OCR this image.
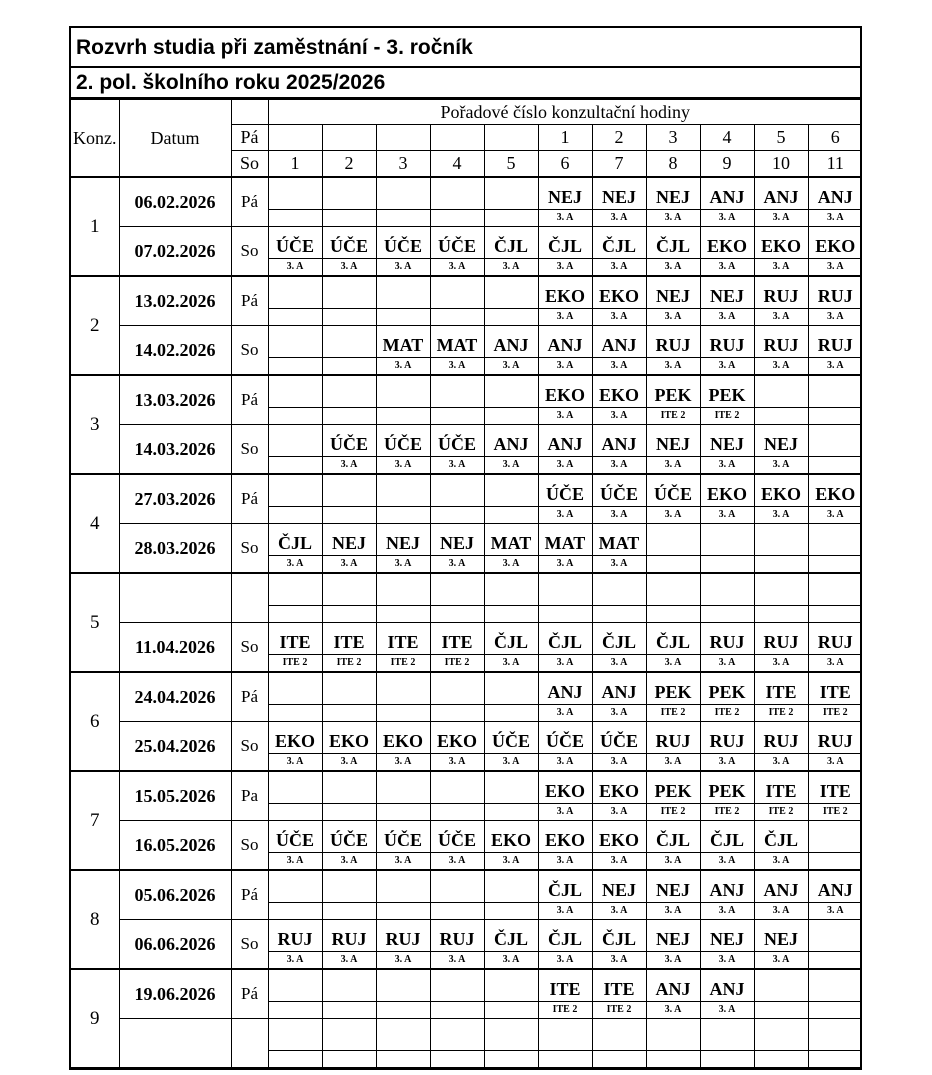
Rozvrh studia při zaměstnání - 3. ročník
2. pol. školního roku 2025/2026
Konz.	Datum		Pořadové číslo konzultační hodiny										
		Pá						1	2	3	4	5	6
		So	1	2	3	4	5	6	7	8	9	10	11
1	06.02.2026	Pá						NEJ	NEJ	NEJ	ANJ	ANJ	ANJ
								3. A	3. A	3. A	3. A	3. A	3. A
	07.02.2026	So	ÚČE	ÚČE	ÚČE	ÚČE	ČJL	ČJL	ČJL	ČJL	EKO	EKO	EKO
			3. A	3. A	3. A	3. A	3. A	3. A	3. A	3. A	3. A	3. A	3. A
2	13.02.2026	Pá						EKO	EKO	NEJ	NEJ	RUJ	RUJ
								3. A	3. A	3. A	3. A	3. A	3. A
	14.02.2026	So			MAT	MAT	ANJ	ANJ	ANJ	RUJ	RUJ	RUJ	RUJ
					3. A	3. A	3. A	3. A	3. A	3. A	3. A	3. A	3. A
3	13.03.2026	Pá						EKO	EKO	PEK	PEK		
								3. A	3. A	ITE 2	ITE 2		
	14.03.2026	So		ÚČE	ÚČE	ÚČE	ANJ	ANJ	ANJ	NEJ	NEJ	NEJ	
				3. A	3. A	3. A	3. A	3. A	3. A	3. A	3. A	3. A	
4	27.03.2026	Pá						ÚČE	ÚČE	ÚČE	EKO	EKO	EKO
								3. A	3. A	3. A	3. A	3. A	3. A
	28.03.2026	So	ČJL	NEJ	NEJ	NEJ	MAT	MAT	MAT				
			3. A	3. A	3. A	3. A	3. A	3. A	3. A				
5													

	11.04.2026	So	ITE	ITE	ITE	ITE	ČJL	ČJL	ČJL	ČJL	RUJ	RUJ	RUJ
			ITE 2	ITE 2	ITE 2	ITE 2	3. A	3. A	3. A	3. A	3. A	3. A	3. A
6	24.04.2026	Pá						ANJ	ANJ	PEK	PEK	ITE	ITE
								3. A	3. A	ITE 2	ITE 2	ITE 2	ITE 2
	25.04.2026	So	EKO	EKO	EKO	EKO	ÚČE	ÚČE	ÚČE	RUJ	RUJ	RUJ	RUJ
			3. A	3. A	3. A	3. A	3. A	3. A	3. A	3. A	3. A	3. A	3. A
7	15.05.2026	Pa						EKO	EKO	PEK	PEK	ITE	ITE
								3. A	3. A	ITE 2	ITE 2	ITE 2	ITE 2
	16.05.2026	So	ÚČE	ÚČE	ÚČE	ÚČE	EKO	EKO	EKO	ČJL	ČJL	ČJL	
			3. A	3. A	3. A	3. A	3. A	3. A	3. A	3. A	3. A	3. A	
8	05.06.2026	Pá						ČJL	NEJ	NEJ	ANJ	ANJ	ANJ
								3. A	3. A	3. A	3. A	3. A	3. A
	06.06.2026	So	RUJ	RUJ	RUJ	RUJ	ČJL	ČJL	ČJL	NEJ	NEJ	NEJ	
			3. A	3. A	3. A	3. A	3. A	3. A	3. A	3. A	3. A	3. A	
9	19.06.2026	Pá						ITE	ITE	ANJ	ANJ		
								ITE 2	ITE 2	3. A	3. A		
